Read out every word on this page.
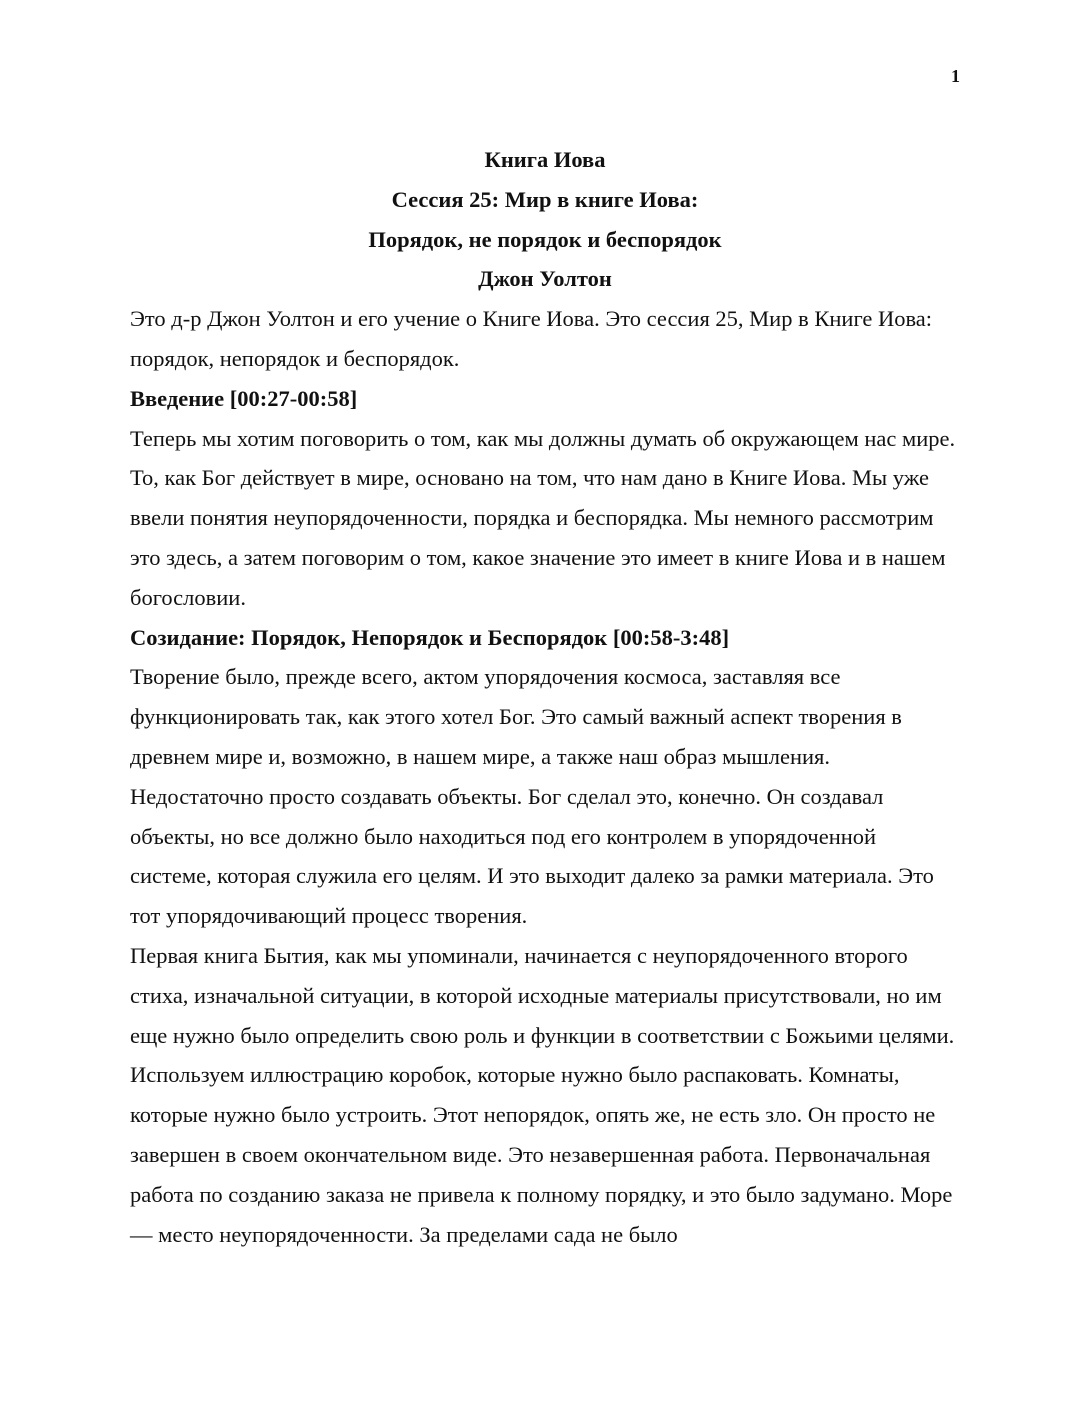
1
Книга Иова
Сессия 25: Мир в книге Иова:
Порядок, не порядок и беспорядок
Джон Уолтон

Это д-р Джон Уолтон и его учение о Книге Иова. Это сессия 25, Мир в Книге Иова: порядок, непорядок и беспорядок.

Введение [00:27-00:58]

Теперь мы хотим поговорить о том, как мы должны думать об окружающем нас мире. То, как Бог действует в мире, основано на том, что нам дано в Книге Иова. Мы уже ввели понятия неупорядоченности, порядка и беспорядка. Мы немного рассмотрим это здесь, а затем поговорим о том, какое значение это имеет в книге Иова и в нашем богословии.

Созидание: Порядок, Непорядок и Беспорядок [00:58-3:48]

Творение было, прежде всего, актом упорядочения космоса, заставляя все функционировать так, как этого хотел Бог. Это самый важный аспект творения в древнем мире и, возможно, в нашем мире, а также наш образ мышления. Недостаточно просто создавать объекты. Бог сделал это, конечно. Он создавал объекты, но все должно было находиться под его контролем в упорядоченной системе, которая служила его целям. И это выходит далеко за рамки материала. Это тот упорядочивающий процесс творения.

Первая книга Бытия, как мы упоминали, начинается с неупорядоченного второго стиха, изначальной ситуации, в которой исходные материалы присутствовали, но им еще нужно было определить свою роль и функции в соответствии с Божьими целями. Используем иллюстрацию коробок, которые нужно было распаковать. Комнаты, которые нужно было устроить. Этот непорядок, опять же, не есть зло. Он просто не завершен в своем окончательном виде. Это незавершенная работа. Первоначальная работа по созданию заказа не привела к полному порядку, и это было задумано. Море — место неупорядоченности. За пределами сада не было
